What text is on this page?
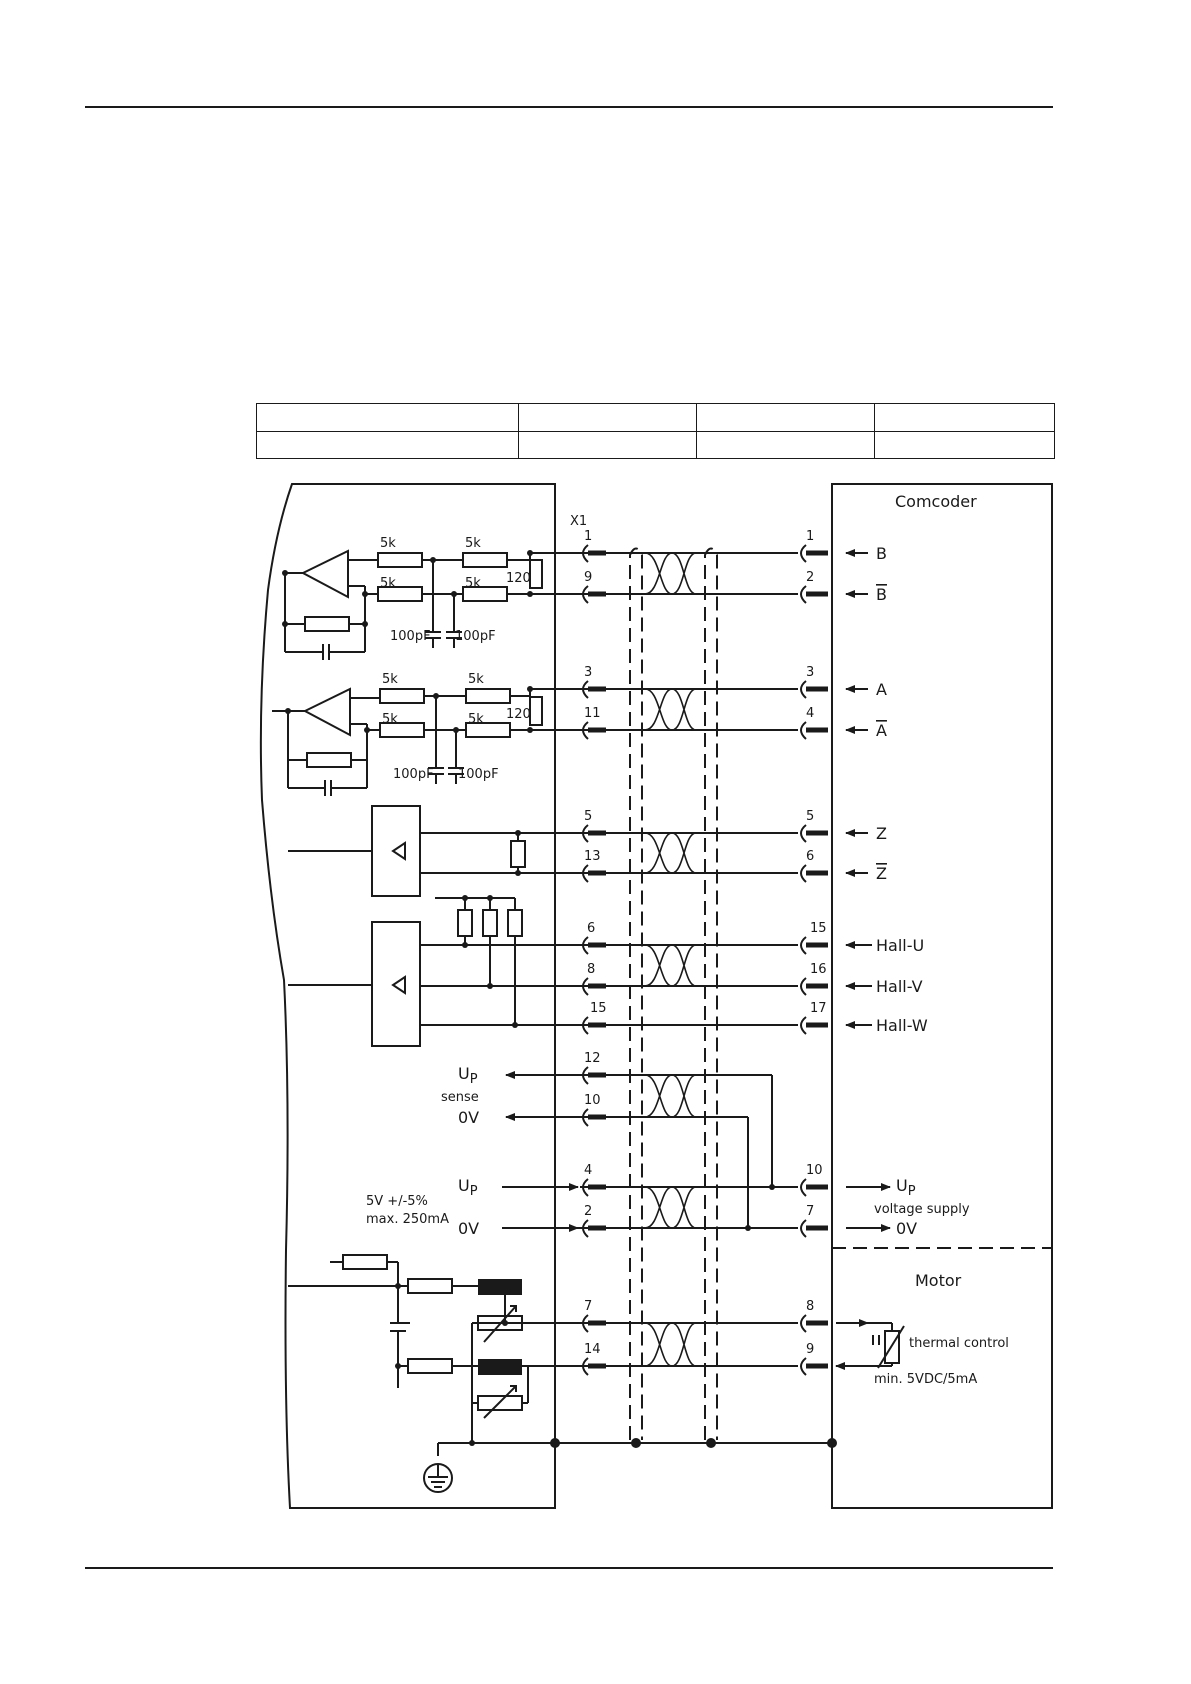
X1
Comcoder
Motor
5k	5k
5k	5k 120
100pF 100pF
5k	5k
5k	5k 120
100pF 100pF
1
9
3
11
5
13
6
8
15
12
10
4
2
7
14
1
2
3
4
5
6
15
16
17
10
7
8
9
B
B
A
A
Z
Z
Hall-U
Hall-V
Hall-W
$U_P$
sense
0V
$U_P$
5V +/-5%
max. 250mA 0V
$U_P$
voltage supply
0V
thermal control
min. 5VDC/5mA
